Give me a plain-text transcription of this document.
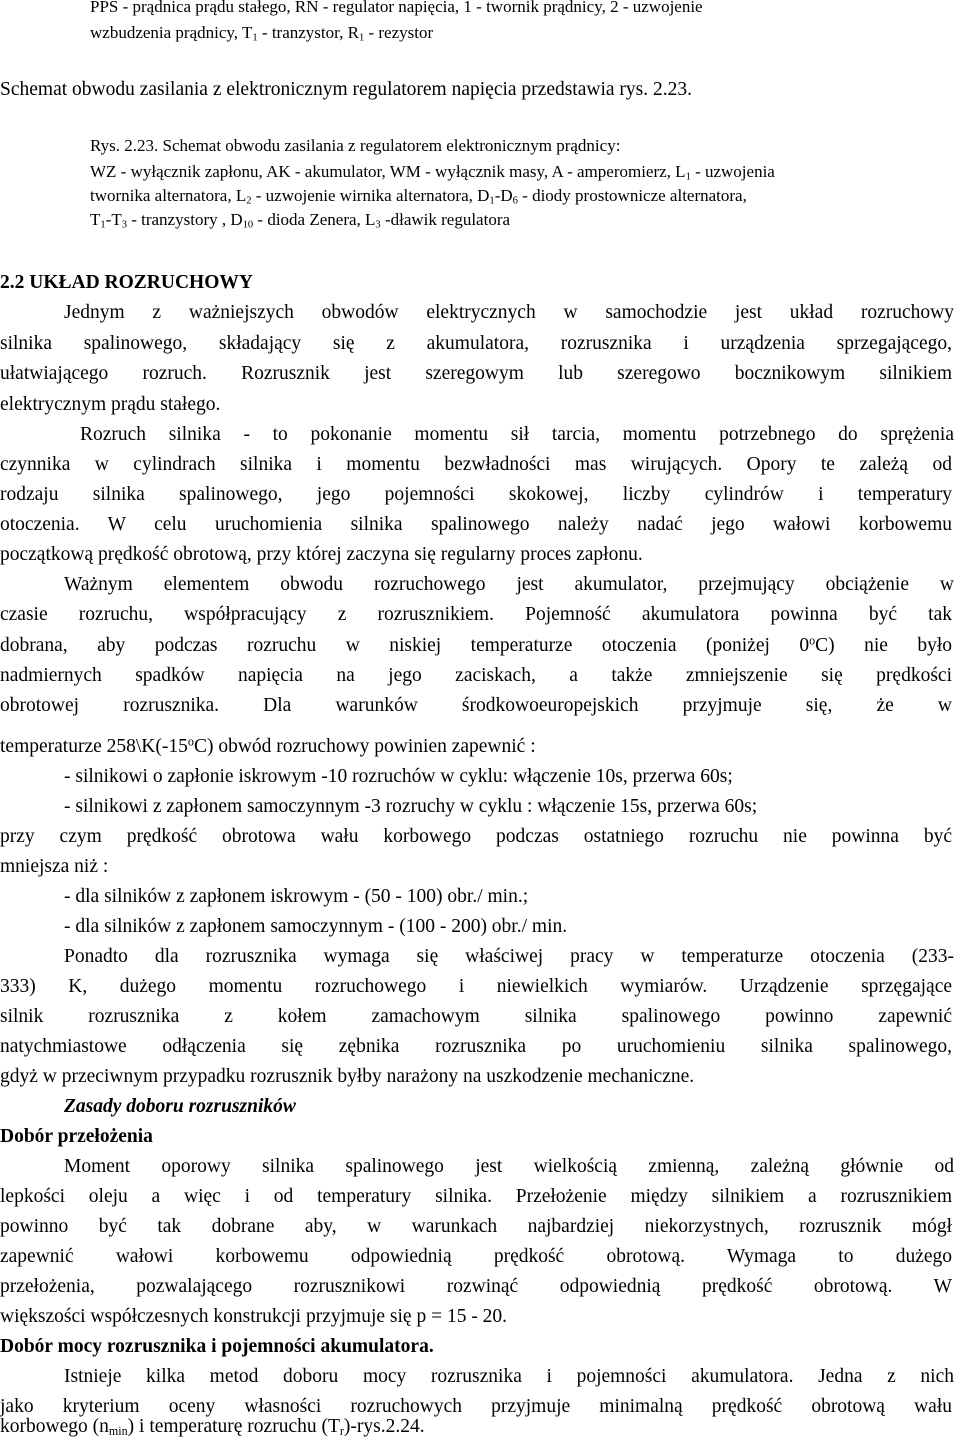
PPS - prądnica prądu stałego, RN - regulator napięcia, 1 - twornik prądnicy, 2 - uzwojenie
wzbudzenia prądnicy, $T_1$ - tranzystor, $R_1$ - rezystor
Schemat obwodu zasilania z elektronicznym regulatorem napięcia przedstawia rys. 2.23.
Rys. 2.23. Schemat obwodu zasilania z regulatorem elektronicznym prądnicy:
WZ - wyłącznik zapłonu, AK - akumulator, WM - wyłącznik masy, A - amperomierz, $L_1$ - uzwojenia
twornika alternatora, $L_2$ - uzwojenie wirnika alternatora, $D_1-D_6$ - diody prostownicze alternatora,
$T_1-T_3$ - tranzystory , $D_{10}$ - dioda Zenera, $L_3$ -dławik regulatora
2.2 UKŁAD ROZRUCHOWY
Jednym z ważniejszych obwodów elektrycznych w samochodzie jest układ rozruchowy
silnika spalinowego, składający się z akumulatora, rozrusznika i urządzenia sprzegającego,
ułatwiającego rozruch. Rozrusznik jest szeregowym lub szeregowo bocznikowym silnikiem
elektrycznym prądu stałego.
Rozruch silnika - to pokonanie momentu sił tarcia, momentu potrzebnego do sprężenia
czynnika w cylindrach silnika i momentu bezwładności mas wirujących. Opory te zależą od
rodzaju silnika spalinowego, jego pojemności skokowej, liczby cylindrów i temperatury
otoczenia. W celu uruchomienia silnika spalinowego należy nadać jego wałowi korbowemu
początkową prędkość obrotową, przy której zaczyna się regularny proces zapłonu.
Ważnym elementem obwodu rozruchowego jest akumulator, przejmujący obciążenie w
czasie rozruchu, współpracujący z rozrusznikiem. Pojemność akumulatora powinna być tak
dobrana, aby podczas rozruchu w niskiej temperaturze otoczenia (poniżej 0$^o$C) nie było
nadmiernych spadków napięcia na jego zaciskach, a także zmniejszenie się prędkości
obrotowej rozrusznika. Dla warunków środkowoeuropejskich przyjmuje się, że w
temperaturze 258\K(-15$^o$C) obwód rozruchowy powinien zapewnić :
- silnikowi o zapłonie iskrowym -10 rozruchów w cyklu: włączenie 10s, przerwa 60s;
- silnikowi z zapłonem samoczynnym -3 rozruchy w cyklu : włączenie 15s, przerwa 60s;
przy czym prędkość obrotowa wału korbowego podczas ostatniego rozruchu nie powinna być
mniejsza niż :
- dla silników z zapłonem iskrowym - (50 - 100) obr./ min.;
- dla silników z zapłonem samoczynnym - (100 - 200) obr./ min.
Ponadto dla rozrusznika wymaga się właściwej pracy w temperaturze otoczenia (233-
333) K, dużego momentu rozruchowego i niewielkich wymiarów. Urządzenie sprzęgające
silnik rozrusznika z kołem zamachowym silnika spalinowego powinno zapewnić
natychmiastowe odłączenia się zębnika rozrusznika po uruchomieniu silnika spalinowego,
gdyż w przeciwnym przypadku rozrusznik byłby narażony na uszkodzenie mechaniczne.
Zasady doboru rozruszników
Dobór przełożenia
Moment oporowy silnika spalinowego jest wielkością zmienną, zależną głównie od
lepkości oleju a więc i od temperatury silnika. Przełożenie między silnikiem a rozrusznikiem
powinno być tak dobrane aby, w warunkach najbardziej niekorzystnych, rozrusznik mógł
zapewnić wałowi korbowemu odpowiednią prędkość obrotową. Wymaga to dużego
przełożenia, pozwalającego rozrusznikowi rozwinąć odpowiednią prędkość obrotową. W
większości współczesnych konstrukcji przyjmuje się p = 15 - 20.
Dobór mocy rozrusznika i pojemności akumulatora.
Istnieje kilka metod doboru mocy rozrusznika i pojemności akumulatora. Jedna z nich
jako kryterium oceny własności rozruchowych przyjmuje minimalną prędkość obrotową wału
korbowego $(n_{min})$ i temperaturę rozruchu $(T_r)-rys.2.24$.
